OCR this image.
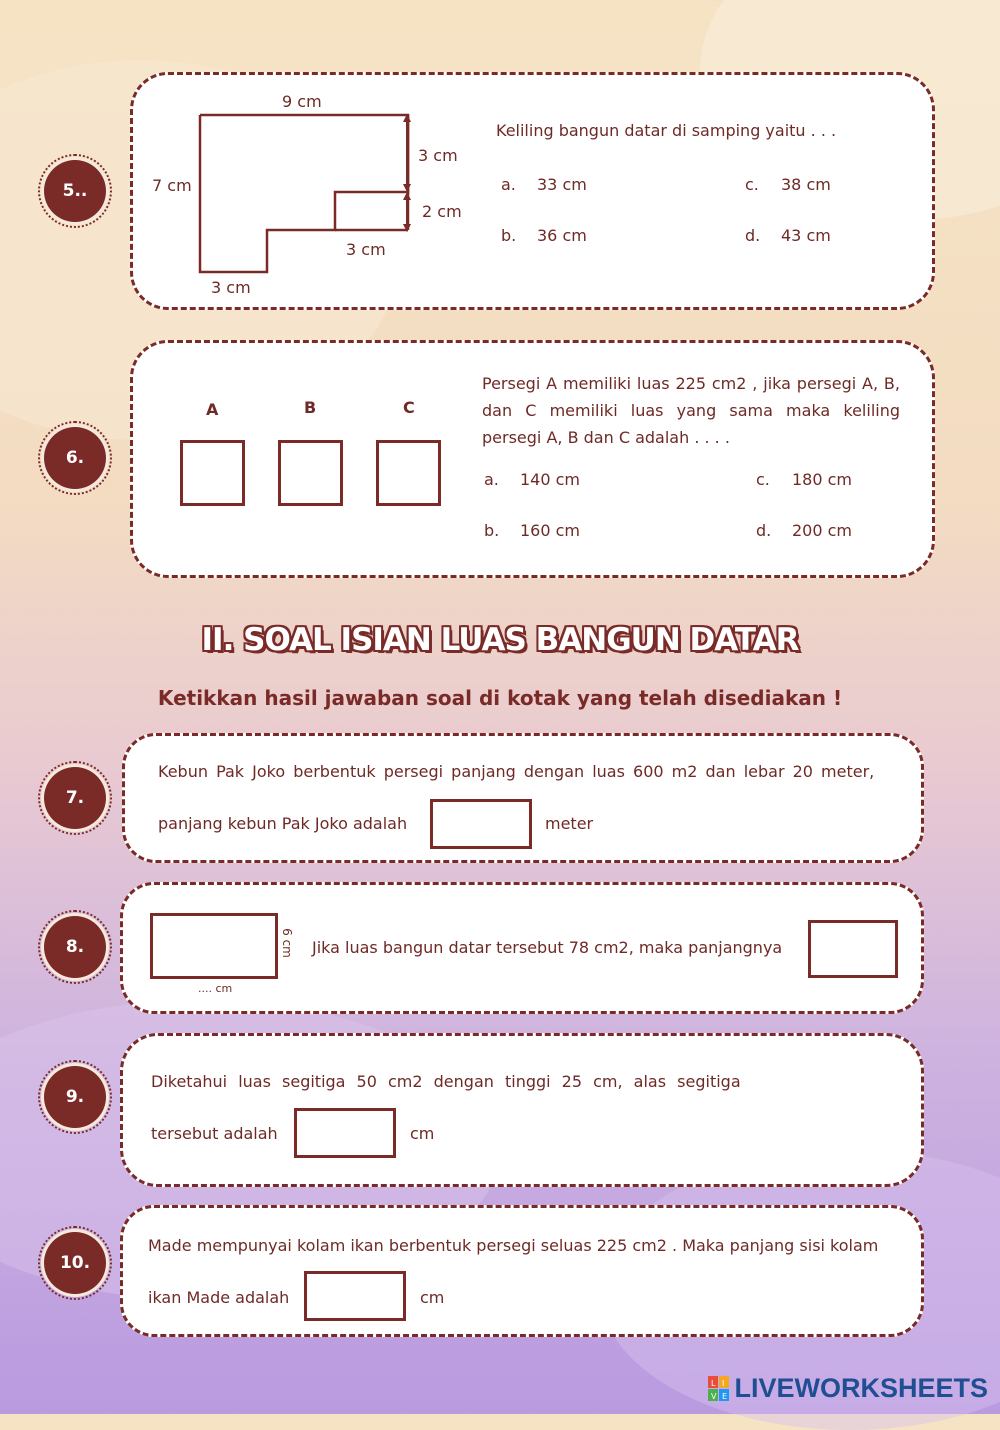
5..
9 cm
7 cm
3 cm
2 cm
3 cm
3 cm
Keliling bangun datar di samping yaitu . . .
a. 33 cm	c. 38 cm
b. 36 cm	d. 43 cm
6.
A	B	C
Persegi A memiliki luas 225 cm2 , jika persegi A, B, dan C memiliki luas yang sama maka keliling persegi A, B dan C adalah . . . .
a. 140 cm	c. 180 cm
b. 160 cm	d. 200 cm
II. SOAL ISIAN LUAS BANGUN DATAR
Ketikkan hasil jawaban soal di kotak yang telah disediakan !
7.
Kebun Pak Joko berbentuk persegi panjang dengan luas 600 m2 dan lebar 20 meter,
panjang kebun Pak Joko adalah	meter
8.	6 cm
.... cm
Jika luas bangun datar tersebut 78 cm2, maka panjangnya
9.
Diketahui luas segitiga 50 cm2 dengan tinggi 25 cm, alas segitiga
tersebut adalah	cm
10.
Made mempunyai kolam ikan berbentuk persegi seluas 225 cm2 . Maka panjang sisi kolam
ikan Made adalah	cm
L I
V E LIVEWORKSHEETS
